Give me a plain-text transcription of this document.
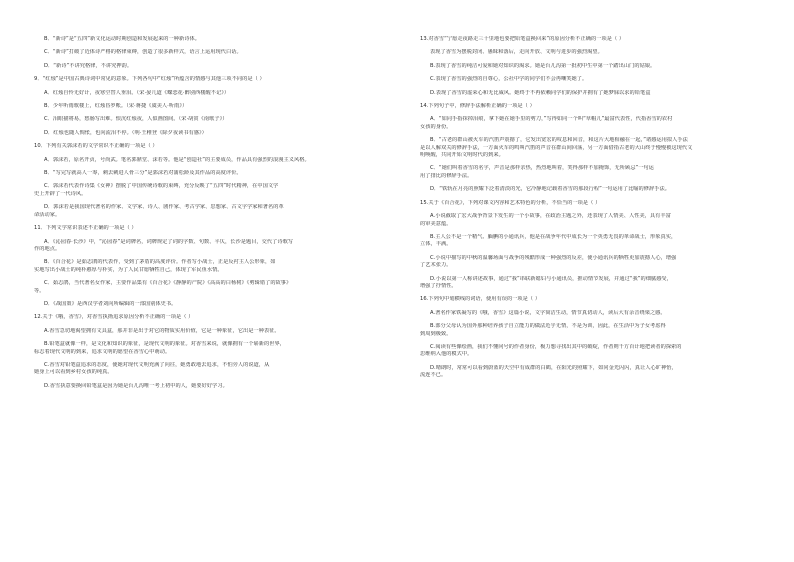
B．“新诗”是“五四”新文化运动时期创造和发展起来的一种新诗体。
C．“新诗”打破了近体诗严格的格律束缚，创造了很多新样式，语言上运用现代白话。
D．“新诗”不讲究格律，不讲究押韵。
9．“红烛”是中国古典诗词中常见的意象。下列各句中“红烛”所蕴含的情感与其他三项不同的是（ ）
A．红烛自怜无好计，夜寒空替人垂泪。（宋·晏几道《蝶恋花·醉别西楼醒不记》）
B．少年听雨歌楼上，红烛昏罗帐。（宋·蒋捷《虞美人·听雨》）
C．泪眼描将易，愁肠写出难。恨沉红烛夜，人似画图间。（宋·胡寅《南歌子》）
D．红烛也随人惆怅，也向流泪不停。（明·王稚登《除夕夜读书有感》）
10．下列有关郭沫若的文学常识不正确的一项是（ ）
A．郭沫若，原名开贞，号尚武。笔名郭鼎堂、沫若等。他是“创造社”的主要成员，作品具有强烈的浪漫主义风格。
B．“写完写就高人一筹，刺去刺进人骨三分”是郭沫若对蒲松龄及其作品的高度评价。
C．郭沫若代表作诗集《女神》摆脱了中国传统诗歌的束缚，充分反映了“五四”时代精神，在中国文学
史上开辟了一代诗风。
D．郭沫若是我国现代著名的作家、文学家、诗人、剧作家、考古学家、思想家、古文字学家和著名的革
命活动家。
11．下列文学常识表述不正确的一项是（ ）
A．《沁园春·长沙》中，“沁园春”是词牌名，词牌规定了词的字数、句数、平仄，长沙是题目，交代了诗歌写
作的地点。
B．《百合花》是茹志鹃的代表作，受到了茅盾的高度评价。作者写小战士，正是反衬主人公形象，如
实地写出小战士的纯朴憨厚与朴实，为了人民甘愿牺牲自己，体现了军民鱼水情。
C．茹志鹃，当代著名女作家，主要作品集有《百合花》《静静的产院》《高高的白杨树》《剪辑错了的故事》
等。
D．《战国策》是西汉学者刘向所编辑的一部国别体史书。
12.关于《哦，香雪》，对香雪执拗追求原因分析不正确的一项是（ ）
A.香雪急切地渴望拥有文具盒，那并非是出于对它的物质实用价值，它是一种象征，它出是一种表征。
B.铅笔盒就像一样，是文化和知识的象征，是现代文明的象征。对香雪来说，就像拥有一个崭新的世界，
标志着现代文明的到来，追求文明的愿望在香雪心中萌动。
C.香雪对铅笔盒追求的态度，使她对现代文明充满了向往，她勇敢地去追求，不怕旁人的说道，从
她身上可以看到乡村女孩的纯真。
D.香雪执意要换回铅笔盒是因为她是台儿沟唯一考上初中的人，她要好好学习。
13.对香雪“宁愿走夜路走三十里地也要把铅笔盒换回来”的原因分析不正确的一项是（ ）
表现了香雪为摆脱封闭、愚昧和落后，走向开放、文明与进步的强烈渴望。
B.表现了香雪的纯洁可爱和她对知识的渴求。她是台儿沟第一批初中生中第一个踏出山门的姑娘。
C.表现了香雪的强烈的自尊心，公社中学的同学们不会再嘲笑她了。
D.表现了香雪的虚荣心和无比威风。她终于不再依赖同学们的保护并拥有了她梦寐以求的铅笔盒
14.下列句子中，修辞手法解析正确的一项是（ ）
A．“如同手指抹掉泪痕，拿下她在她手里的剪刀，”写得如同一个叫“草帽儿”最富代表性，代指香雪的农村
女孩的身份。
B．“古老的群山被火车的汽笛声震撼了，它发出宽宏的叹息和回音，和这片大地相融在一起，”诸感运用拟人手法
是以人解双关的修辞手法，一方面火车的鸣叫汽笛的声音在群山间回荡，另一方面借指古老的大山终于慢慢被这现代文
明唤醒，共同开始文明时代的到来。
C．“她们叫着香雪的名字，声音是那样亲热，热烈地叫着，笑得那样不加掩饰，无所顾忌”一句运
用了排比的修辞手法。
D．“铁轨在月亮的照耀下泛着清淡的光，它冷静地记载着香雪的那段行程”一句运用了比喻的修辞手法。
15.关于《百合花》，下列对课文内容和艺术特色的分析，不恰当的一项是（ ）
A.小说截取了宏大战争背景下发生的一个小故事，在政治主题之外，还表现了人情美、人性美，具有丰富
的审美意蕴。
B.主人公不是一个精气、腼腆的小通讯兵，他是在战争年代中成长为一个英勇无畏的革命战士，形象真实，
立体，丰满。
C.小说中描写的中秋的温馨场面与战争的残酷形成一种强烈的反差，使小通讯兵的牺牲更加震撼人心，增强
了艺术张力。
D.小说以第一人称讲述故事，通过“我”串联新媳妇与小通讯员，推动情节发展，并通过“我”的细腻感受，
增强了抒情性。
16.下列句中划横线的词语，使用有误的一项是（ ）
A.著名作家铁凝写的《哦，香雪》这篇小说，文字简洁生动，情节真切动人，读后大有余音绕梁之感。
B.部分父母认为国外那种培养孩子自立能力的做法近乎无情，不是为训，因此，在生活中为子女考虑得
到周到极致。
C.阅读有些像绘画，我们不懂问号的作者身份，极力想寻找出其中的破绽，作者则千方百计地把读者的探索的
思维纳入他的模式中。
D.晴朗时，常常可以看到蔚蓝的天空中有成群的白鹤，在阳光的照耀下，如同金光闪闪，真让人心旷神怡，
流连不已。
